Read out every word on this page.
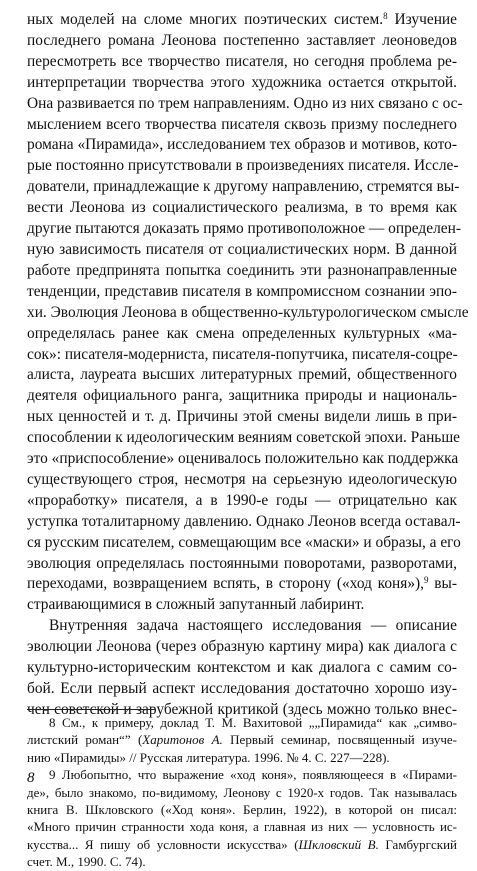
ных моделей на сломе многих поэтических систем.$^8$ Изучение
последнего романа Леонова постепенно заставляет леоноведов
пересмотреть все творчество писателя, но сегодня проблема ре-
интерпретации творчества этого художника остается открытой.
Она развивается по трем направлениям. Одно из них связано с ос-
мыслением всего творчества писателя сквозь призму последнего
романа «Пирамида», исследованием тех образов и мотивов, кото-
рые постоянно присутствовали в произведениях писателя. Иссле-
дователи, принадлежащие к другому направлению, стремятся вы-
вести Леонова из социалистического реализма, в то время как
другие пытаются доказать прямо противоположное — определен-
ную зависимость писателя от социалистических норм. В данной
работе предпринята попытка соединить эти разнонаправленные
тенденции, представив писателя в компромиссном сознании эпо-
хи. Эволюция Леонова в общественно-культурологическом смысле
определялась ранее как смена определенных культурных «ма-
сок»: писателя-модерниста, писателя-попутчика, писателя-соцре-
алиста, лауреата высших литературных премий, общественного
деятеля официального ранга, защитника природы и националь-
ных ценностей и т. д. Причины этой смены видели лишь в при-
способлении к идеологическим веяниям советской эпохи. Раньше
это «приспособление» оценивалось положительно как поддержка
существующего строя, несмотря на серьезную идеологическую
«проработку» писателя, а в 1990-е годы — отрицательно как
уступка тоталитарному давлению. Однако Леонов всегда оставал-
ся русским писателем, совмещающим все «маски» и образы, а его
эволюция определялась постоянными поворотами, разворотами,
переходами, возвращением вспять, в сторону («ход коня»),$^9$ вы-
страивающимися в сложный запутанный лабиринт.
Внутренняя задача настоящего исследования — описание
эволюции Леонова (через образную картину мира) как диалога с
культурно-историческим контекстом и как диалога с самим со-
бой. Если первый аспект исследования достаточно хорошо изу-
чен советской и зарубежной критикой (здесь можно только внес-
8 См., к примеру, доклад Т. М. Вахитовой „„Пирамида“ как „симво-
листский роман“” (Харитонов А. Первый семинар, посвященный изуче-
нию «Пирамиды» // Русская литература. 1996. № 4. С. 227—228).
9 Любопытно, что выражение «ход коня», появляющееся в «Пирами-
де», было знакомо, по-видимому, Леонову с 1920-х годов. Так называлась
книга В. Шкловского («Ход коня». Берлин, 1922), в которой он писал:
«Много причин странности хода коня, а главная из них — условность ис-
кусства... Я пишу об условности искусства» (Шкловский В. Гамбургский
счет. М., 1990. С. 74).
8
